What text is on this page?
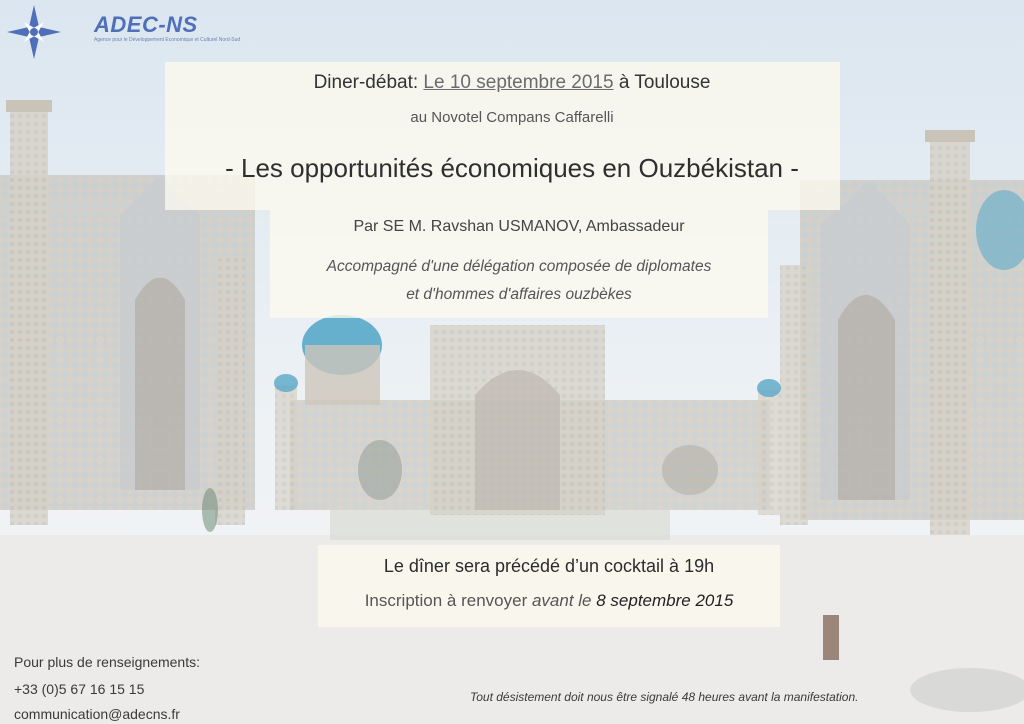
ADEC-NS
Agence pour le Développement Economique et Culturel Nord-Sud
Diner-débat: Le 10 septembre 2015 à Toulouse
au Novotel Compans Caffarelli
- Les opportunités économiques en Ouzbékistan -
Par SE M. Ravshan USMANOV, Ambassadeur
Accompagné d'une délégation composée de diplomates
et d'hommes d'affaires ouzbèkes
Le dîner sera précédé d’un cocktail à 19h
Inscription à renvoyer avant le 8 septembre 2015
Pour plus de renseignements:
+33 (0)5 67 16 15 15
communication@adecns.fr
Tout désistement doit nous être signalé 48 heures avant la manifestation.
